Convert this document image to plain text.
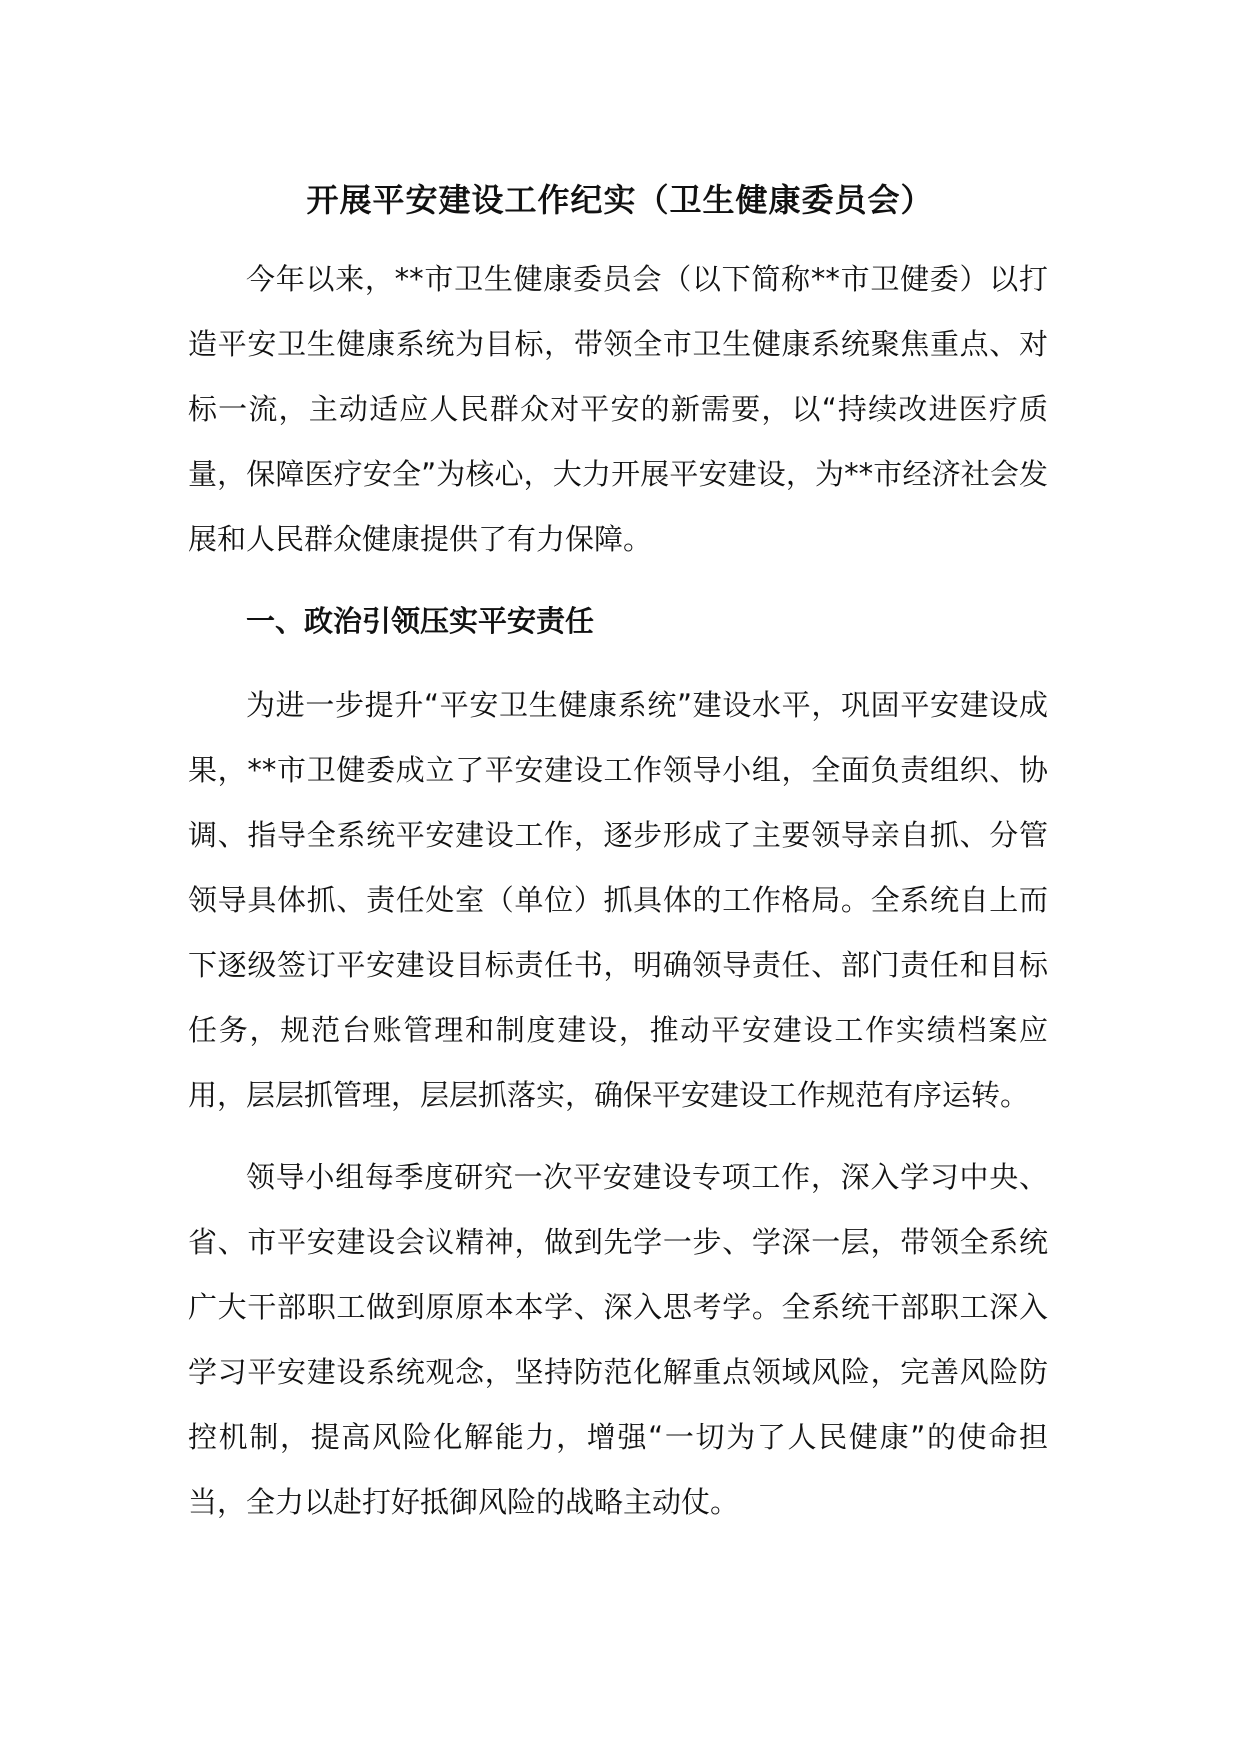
开展平安建设工作纪实（卫生健康委员会）

今年以来，**市卫生健康委员会（以下简称**市卫健委）以打造平安卫生健康系统为目标，带领全市卫生健康系统聚焦重点、对标一流，主动适应人民群众对平安的新需要，以“持续改进医疗质量，保障医疗安全”为核心，大力开展平安建设，为**市经济社会发展和人民群众健康提供了有力保障。

一、政治引领压实平安责任

为进一步提升“平安卫生健康系统”建设水平，巩固平安建设成果，**市卫健委成立了平安建设工作领导小组，全面负责组织、协调、指导全系统平安建设工作，逐步形成了主要领导亲自抓、分管领导具体抓、责任处室（单位）抓具体的工作格局。全系统自上而下逐级签订平安建设目标责任书，明确领导责任、部门责任和目标任务，规范台账管理和制度建设，推动平安建设工作实绩档案应用，层层抓管理，层层抓落实，确保平安建设工作规范有序运转。

领导小组每季度研究一次平安建设专项工作，深入学习中央、省、市平安建设会议精神，做到先学一步、学深一层，带领全系统广大干部职工做到原原本本学、深入思考学。全系统干部职工深入学习平安建设系统观念，坚持防范化解重点领域风险，完善风险防控机制，提高风险化解能力，增强“一切为了人民健康”的使命担当，全力以赴打好抵御风险的战略主动仗。
